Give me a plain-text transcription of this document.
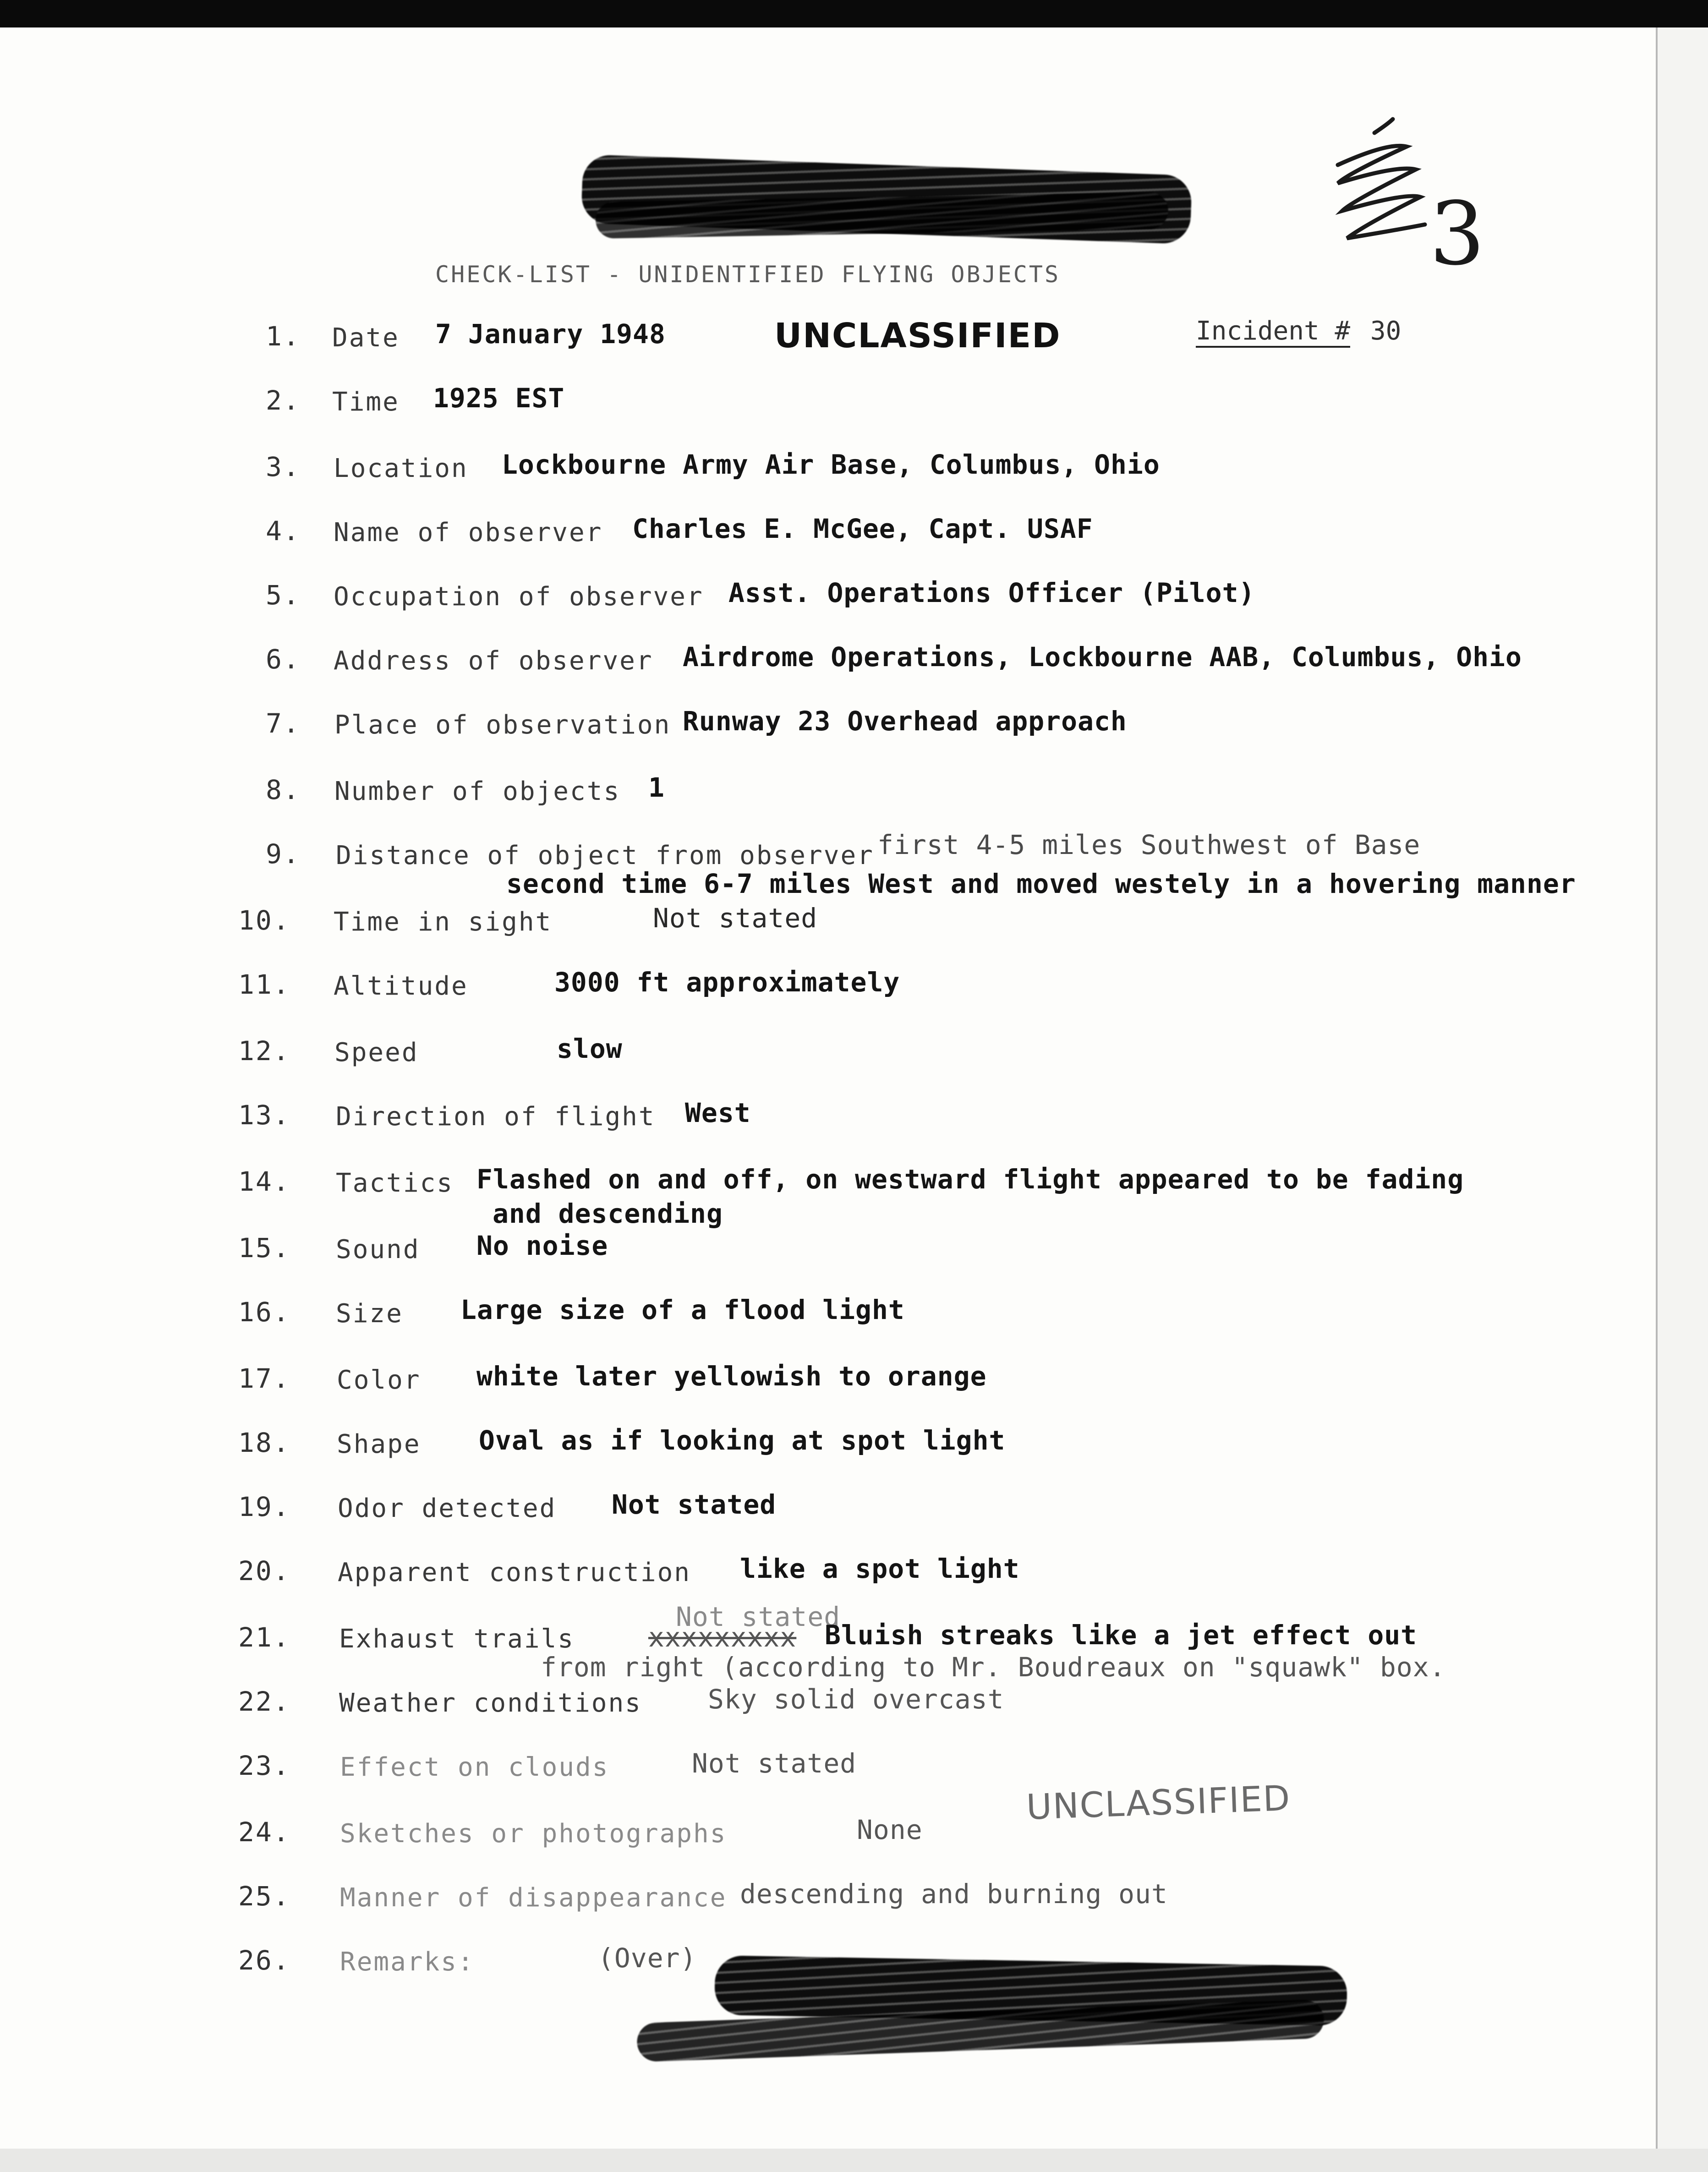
3
CHECK-LIST - UNIDENTIFIED FLYING OBJECTS
UNCLASSIFIED	Incident # 30
1. Date 7 January 1948
2. Time 1925 EST
3. Location Lockbourne Army Air Base, Columbus, Ohio
4. Name of observer Charles E. McGee, Capt. USAF
5. Occupation of observer Asst. Operations Officer (Pilot)
6. Address of observer Airdrome Operations, Lockbourne AAB, Columbus, Ohio
7. Place of observation Runway 23 Overhead approach
8. Number of objects 1
9. Distance of object from observer first 4-5 miles Southwest of Base
second time 6-7 miles West and moved westely in a hovering manner
10. Time in sight	Not stated
11. Altitude	3000 ft approximately
12. Speed	slow
13. Direction of flight West
14. Tactics Flashed on and off, on westward flight appeared to be fading
and descending
15. Sound No noise
16. Size Large size of a flood light
17. Color white later yellowish to orange
18. Shape Oval as if looking at spot light
19. Odor detected Not stated
20. Apparent construction like a spot light
21. Exhaust trails	xxxxxxxxx
Not stated
Bluish streaks like a jet effect out
from right (according to Mr. Boudreaux on "squawk" box.
22. Weather conditions Sky solid overcast
23. Effect on clouds	Not stated
24. Sketches or photographs	None
25. Manner of disappearance descending and burning out
26. Remarks:	(Over)
UNCLASSIFIED
